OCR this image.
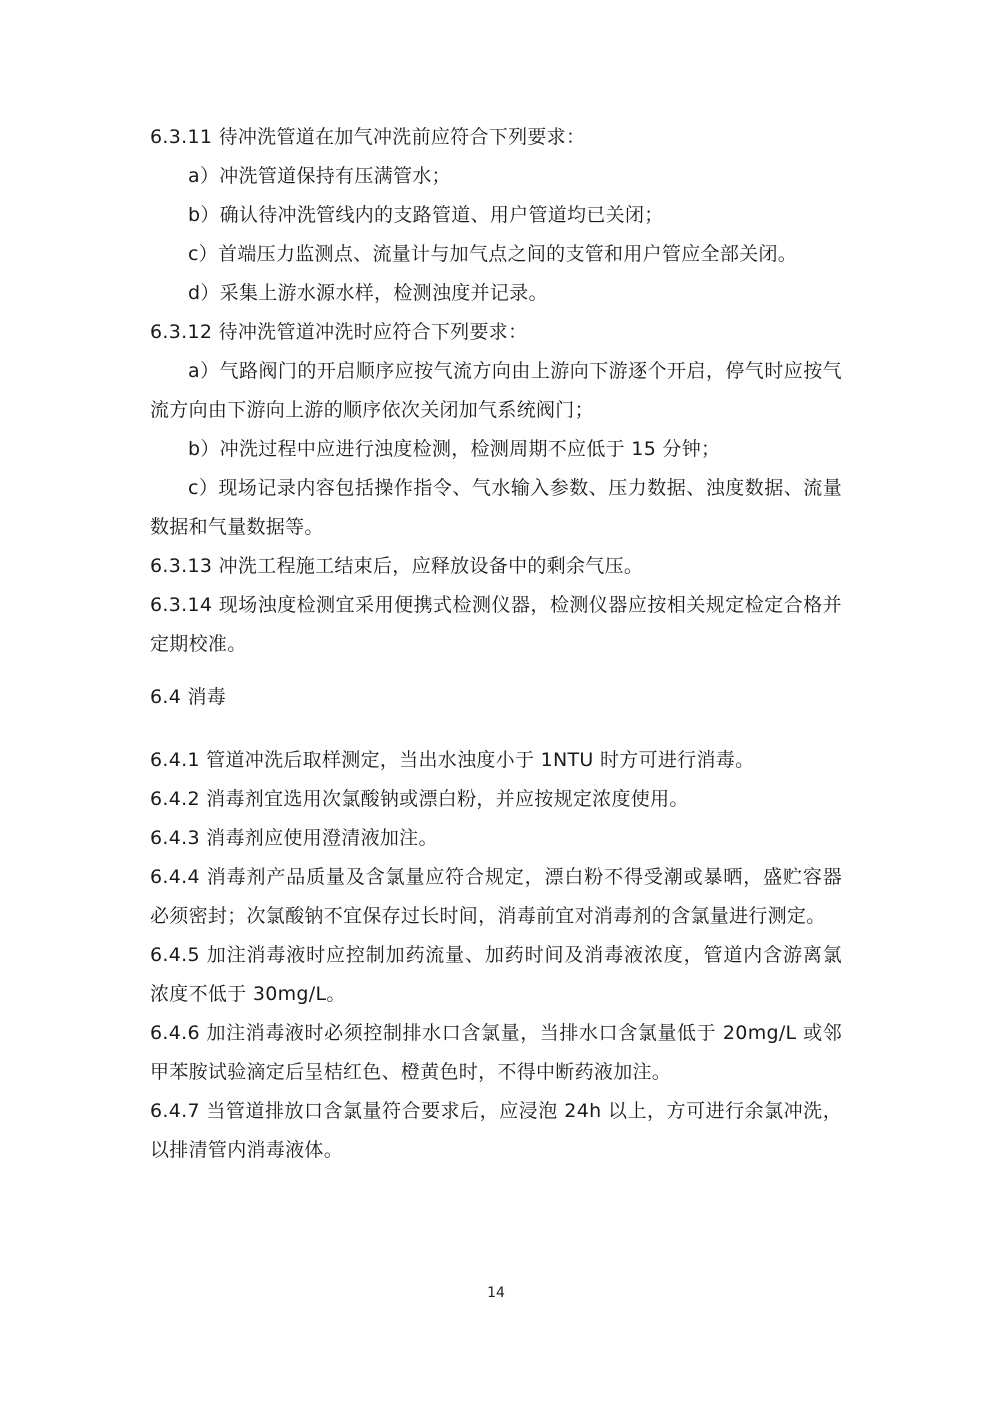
6.3.11 待冲洗管道在加气冲洗前应符合下列要求：

a）冲洗管道保持有压满管水；

b）确认待冲洗管线内的支路管道、用户管道均已关闭；

c）首端压力监测点、流量计与加气点之间的支管和用户管应全部关闭。

d）采集上游水源水样，检测浊度并记录。

6.3.12 待冲洗管道冲洗时应符合下列要求：

a）气路阀门的开启顺序应按气流方向由上游向下游逐个开启，停气时应按气流方向由下游向上游的顺序依次关闭加气系统阀门；

b）冲洗过程中应进行浊度检测，检测周期不应低于 15 分钟；

c）现场记录内容包括操作指令、气水输入参数、压力数据、浊度数据、流量数据和气量数据等。

6.3.13 冲洗工程施工结束后，应释放设备中的剩余气压。

6.3.14 现场浊度检测宜采用便携式检测仪器，检测仪器应按相关规定检定合格并定期校准。

6.4 消毒

6.4.1 管道冲洗后取样测定，当出水浊度小于 1NTU 时方可进行消毒。

6.4.2 消毒剂宜选用次氯酸钠或漂白粉，并应按规定浓度使用。

6.4.3 消毒剂应使用澄清液加注。

6.4.4 消毒剂产品质量及含氯量应符合规定，漂白粉不得受潮或暴晒，盛贮容器必须密封；次氯酸钠不宜保存过长时间，消毒前宜对消毒剂的含氯量进行测定。

6.4.5 加注消毒液时应控制加药流量、加药时间及消毒液浓度，管道内含游离氯浓度不低于 30mg/L。

6.4.6 加注消毒液时必须控制排水口含氯量，当排水口含氯量低于 20mg/L 或邻甲苯胺试验滴定后呈桔红色、橙黄色时，不得中断药液加注。

6.4.7 当管道排放口含氯量符合要求后，应浸泡 24h 以上，方可进行余氯冲洗，以排清管内消毒液体。

14
